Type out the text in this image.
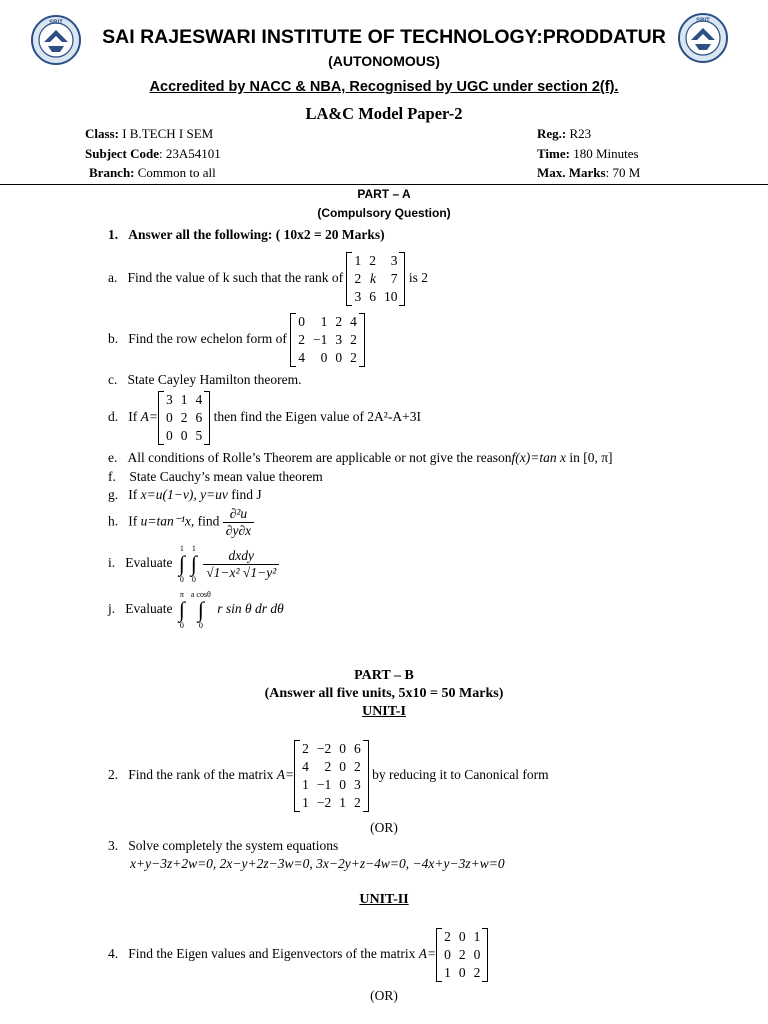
SRIT	SRIT
SAI RAJESWARI INSTITUTE OF TECHNOLOGY:PRODDATUR
(AUTONOMOUS)
Accredited by NACC & NBA, Recognised by UGC under section 2(f).
LA&C Model Paper-2
Class: I B.TECH I SEM
Subject Code: 23A54101
Branch: Common to all
Reg.: R23
Time: 180 Minutes
Max. Marks: 70 M
PART – A
(Compulsory Question)
1. Answer all the following: ( 10x2 = 20 Marks)
a. Find the value of k such that the rank of
1	2	3
2	k	7
3	6	10
is 2
b. Find the row echelon form of
0	1	2	4
2	−1	3	2
4	0	0	2
c. State Cayley Hamilton theorem.
d. If A=
3	1	4
0	2	6
0	0	5
then find the Eigen value of 2A²-A+3I
e. All conditions of Rolle’s Theorem are applicable or not give the reasonf(x)=tan x in [0, π]
f. State Cauchy’s mean value theorem
g. If x=u(1−v), y=uv find J
h. If u=tan⁻¹x, find $\frac{\text{∂²u}}{\partial y\partial x}$
i. Evaluate
1
∫
0
1
∫
0
$\frac{\text{dxdy}}{\text{√1−x² √1−y²}}$
j. Evaluate
π
∫
0
a cosθ
∫
0
r sin θ dr dθ
PART – B
(Answer all five units, 5x10 = 50 Marks)
UNIT-I
2. Find the rank of the matrix A=
2	−2	0	6
4	2	0	2
1	−1	0	3
1	−2	1	2
by reducing it to Canonical form
(OR)
3. Solve completely the system equations
x+y−3z+2w=0, 2x−y+2z−3w=0, 3x−2y+z−4w=0, −4x+y−3z+w=0
UNIT-II
4. Find the Eigen values and Eigenvectors of the matrix A=
2	0	1
0	2	0
1	0	2
(OR)
